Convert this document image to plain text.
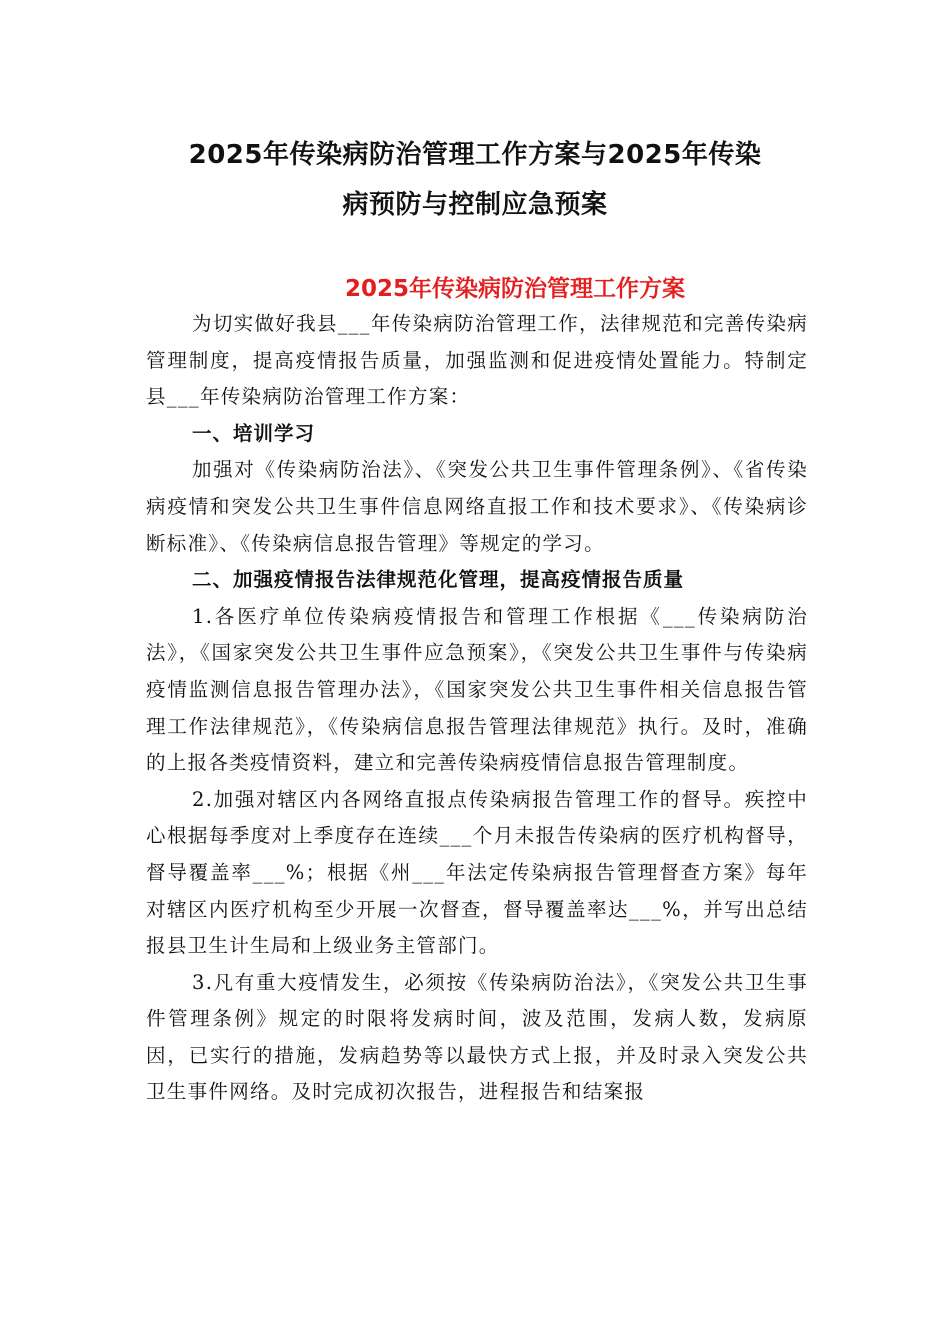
2025年传染病防治管理工作方案与2025年传染
病预防与控制应急预案
2025年传染病防治管理工作方案

为切实做好我县___年传染病防治管理工作，法律规范和完善传染病管理制度，提高疫情报告质量，加强监测和促进疫情处置能力。特制定县___年传染病防治管理工作方案：

一、培训学习

加强对《传染病防治法》、《突发公共卫生事件管理条例》、《省传染病疫情和突发公共卫生事件信息网络直报工作和技术要求》、《传染病诊断标准》、《传染病信息报告管理》等规定的学习。

二、加强疫情报告法律规范化管理，提高疫情报告质量

1.各医疗单位传染病疫情报告和管理工作根据《___传染病防治法》，《国家突发公共卫生事件应急预案》，《突发公共卫生事件与传染病疫情监测信息报告管理办法》，《国家突发公共卫生事件相关信息报告管理工作法律规范》，《传染病信息报告管理法律规范》执行。及时，准确的上报各类疫情资料，建立和完善传染病疫情信息报告管理制度。

2.加强对辖区内各网络直报点传染病报告管理工作的督导。疾控中心根据每季度对上季度存在连续___个月未报告传染病的医疗机构督导，督导覆盖率___%；根据《州___年法定传染病报告管理督查方案》每年对辖区内医疗机构至少开展一次督查，督导覆盖率达___%，并写出总结报县卫生计生局和上级业务主管部门。

3.凡有重大疫情发生，必须按《传染病防治法》，《突发公共卫生事件管理条例》规定的时限将发病时间，波及范围，发病人数，发病原因，已实行的措施，发病趋势等以最快方式上报，并及时录入突发公共卫生事件网络。及时完成初次报告，进程报告和结案报
